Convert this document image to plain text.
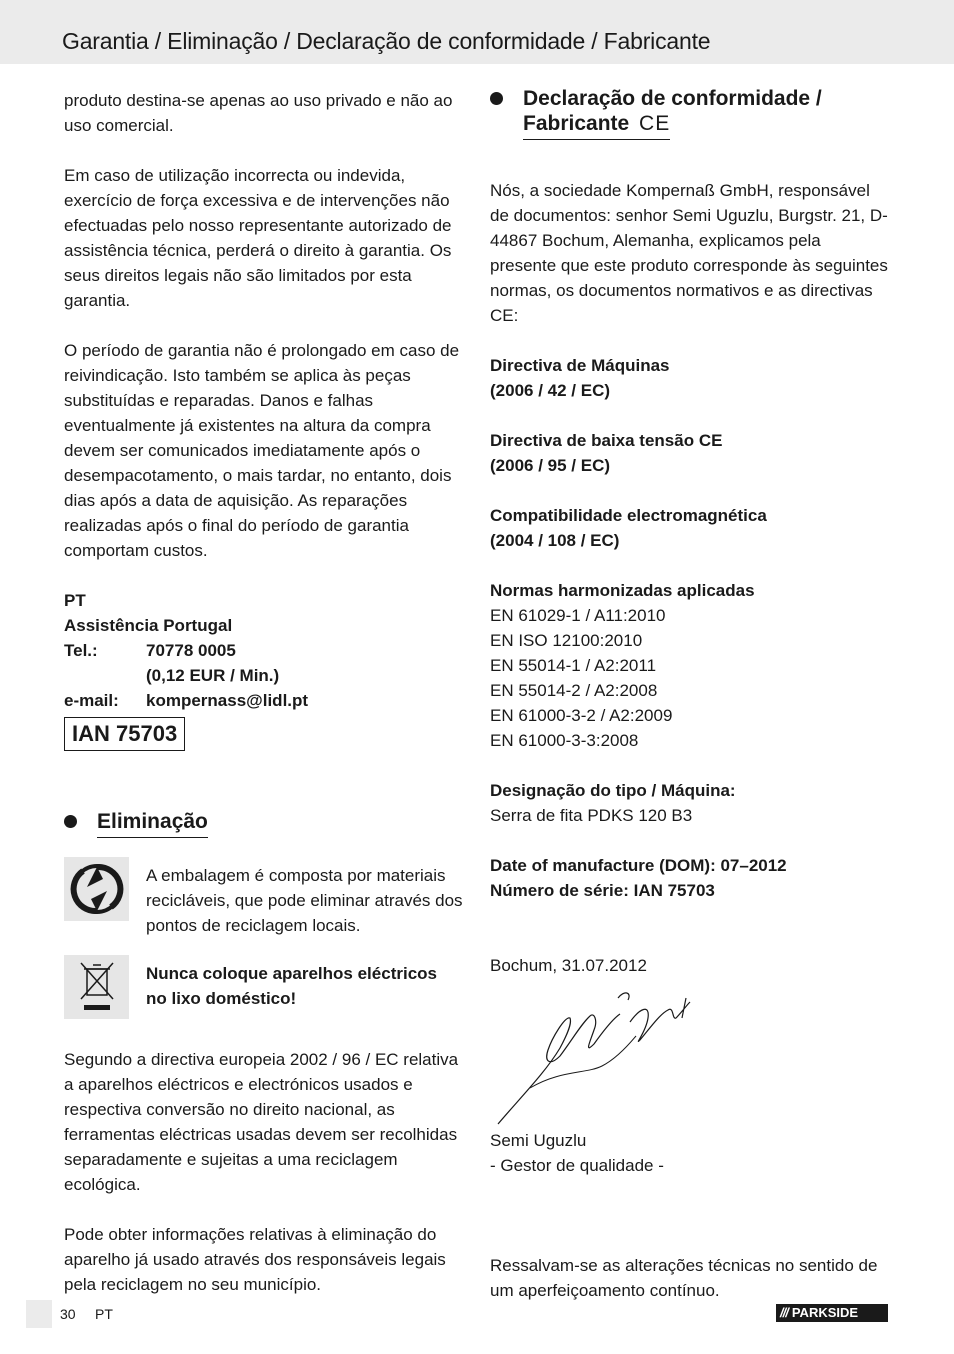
Garantia / Eliminação / Declaração de conformidade / Fabricante

produto destina-se apenas ao uso privado e não ao uso comercial.

Em caso de utilização incorrecta ou indevida, exercício de força excessiva e de intervenções não efectuadas pelo nosso representante autorizado de assistência técnica, perderá o direito à garantia. Os seus direitos legais não são limitados por esta garantia.

O período de garantia não é prolongado em caso de reivindicação. Isto também se aplica às peças substituídas e reparadas. Danos e falhas eventualmente já existentes na altura da compra devem ser comunicados imediatamente após o desempacotamento, o mais tardar, no entanto, dois dias após a data de aquisição. As reparações realizadas após o final do período de garantia comportam custos.

PT
Assistência Portugal
Tel.:	70778 0005
(0,12 EUR / Min.)
e-mail:	kompernass@lidl.pt
IAN 75703
Eliminação

A embalagem é composta por materiais recicláveis, que pode eliminar através dos pontos de reciclagem locais.

Nunca coloque aparelhos eléctricos no lixo doméstico!

Segundo a directiva europeia 2002 / 96 / EC relativa a aparelhos eléctricos e electrónicos usados e respectiva conversão no direito nacional, as ferramentas eléctricas usadas devem ser recolhidas separadamente e sujeitas a uma reciclagem ecológica.

Pode obter informações relativas à eliminação do aparelho já usado através dos responsáveis legais pela reciclagem no seu município.

Declaração de conformidade /
Fabricante CE

Nós, a sociedade Kompernaß GmbH, responsável de documentos: senhor Semi Uguzlu, Burgstr. 21, D-44867 Bochum, Alemanha, explicamos pela presente que este produto corresponde às seguintes normas, os documentos normativos e as directivas CE:

Directiva de Máquinas

(2006 / 42 / EC)

Directiva de baixa tensão CE

(2006 / 95 / EC)

Compatibilidade electromagnética

(2004 / 108 / EC)

Normas harmonizadas aplicadas

EN 61029-1 / A11:2010

EN ISO 12100:2010

EN 55014-1 / A2:2011

EN 55014-2 / A2:2008

EN 61000-3-2 / A2:2009

EN 61000-3-3:2008

Designação do tipo / Máquina:

Serra de fita PDKS 120 B3

Date of manufacture (DOM): 07–2012

Número de série: IAN 75703

Bochum, 31.07.2012

Semi Uguzlu

- Gestor de qualidade -

Ressalvam-se as alterações técnicas no sentido de um aperfeiçoamento contínuo.

30 PT	/// PARKSIDE
